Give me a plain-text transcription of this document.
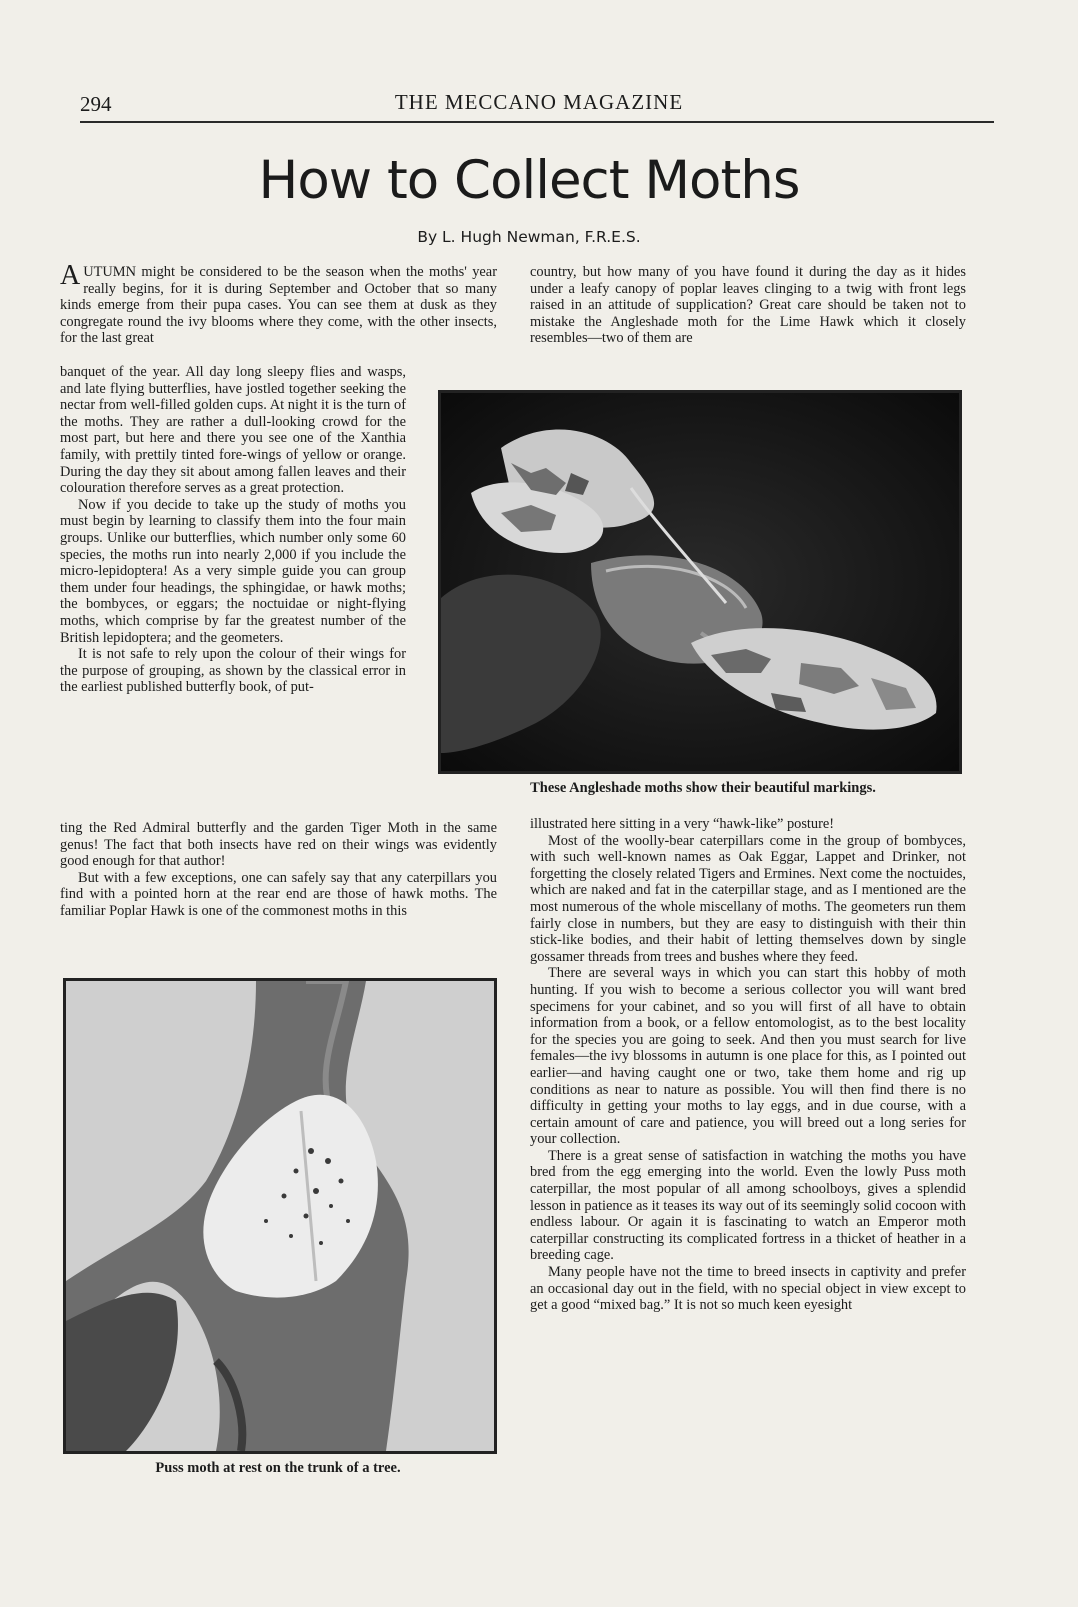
294	THE MECCANO MAGAZINE
How to Collect Moths
By L. Hugh Newman, F.R.E.S.

AUTUMN might be considered to be the season when the moths' year really begins, for it is during September and October that so many kinds emerge from their pupa cases. You can see them at dusk as they congregate round the ivy blooms where they come, with the other insects, for the last great

banquet of the year. All day long sleepy flies and wasps, and late flying butterflies, have jostled together seeking the nectar from well-filled golden cups. At night it is the turn of the moths. They are rather a dull-looking crowd for the most part, but here and there you see one of the Xanthia family, with prettily tinted fore-wings of yellow or orange. During the day they sit about among fallen leaves and their colouration therefore serves as a great protection.

Now if you decide to take up the study of moths you must begin by learning to classify them into the four main groups. Unlike our butterflies, which number only some 60 species, the moths run into nearly 2,000 if you include the micro-lepidoptera! As a very simple guide you can group them under four headings, the sphingidae, or hawk moths; the bombyces, or eggars; the noctuidae or night-flying moths, which comprise by far the greatest number of the British lepidoptera; and the geometers.

It is not safe to rely upon the colour of their wings for the purpose of grouping, as shown by the classical error in the earliest published butterfly book, of put-

ting the Red Admiral butterfly and the garden Tiger Moth in the same genus! The fact that both insects have red on their wings was evidently good enough for that author!

But with a few exceptions, one can safely say that any caterpillars you find with a pointed horn at the rear end are those of hawk moths. The familiar Poplar Hawk is one of the commonest moths in this

country, but how many of you have found it during the day as it hides under a leafy canopy of poplar leaves clinging to a twig with front legs raised in an attitude of supplication? Great care should be taken not to mistake the Angleshade moth for the Lime Hawk which it closely resembles—two of them are

These Angleshade moths show their beautiful markings.

illustrated here sitting in a very “hawk-like” posture!

Most of the woolly-bear caterpillars come in the group of bombyces, with such well-known names as Oak Eggar, Lappet and Drinker, not forgetting the closely related Tigers and Ermines. Next come the noctuides, which are naked and fat in the caterpillar stage, and as I mentioned are the most numerous of the whole miscellany of moths. The geometers run them fairly close in numbers, but they are easy to distinguish with their thin stick-like bodies, and their habit of letting themselves down by single gossamer threads from trees and bushes where they feed.

There are several ways in which you can start this hobby of moth hunting. If you wish to become a serious collector you will want bred specimens for your cabinet, and so you will first of all have to obtain information from a book, or a fellow entomologist, as to the best locality for the species you are going to seek. And then you must search for live females—the ivy blossoms in autumn is one place for this, as I pointed out earlier—and having caught one or two, take them home and rig up conditions as near to nature as possible. You will then find there is no difficulty in getting your moths to lay eggs, and in due course, with a certain amount of care and patience, you will breed out a long series for your collection.

There is a great sense of satisfaction in watching the moths you have bred from the egg emerging into the world. Even the lowly Puss moth caterpillar, the most popular of all among schoolboys, gives a splendid lesson in patience as it teases its way out of its seemingly solid cocoon with endless labour. Or again it is fascinating to watch an Emperor moth caterpillar constructing its complicated fortress in a thicket of heather in a breeding cage.

Many people have not the time to breed insects in captivity and prefer an occasional day out in the field, with no special object in view except to get a good “mixed bag.” It is not so much keen eyesight

Puss moth at rest on the trunk of a tree.
